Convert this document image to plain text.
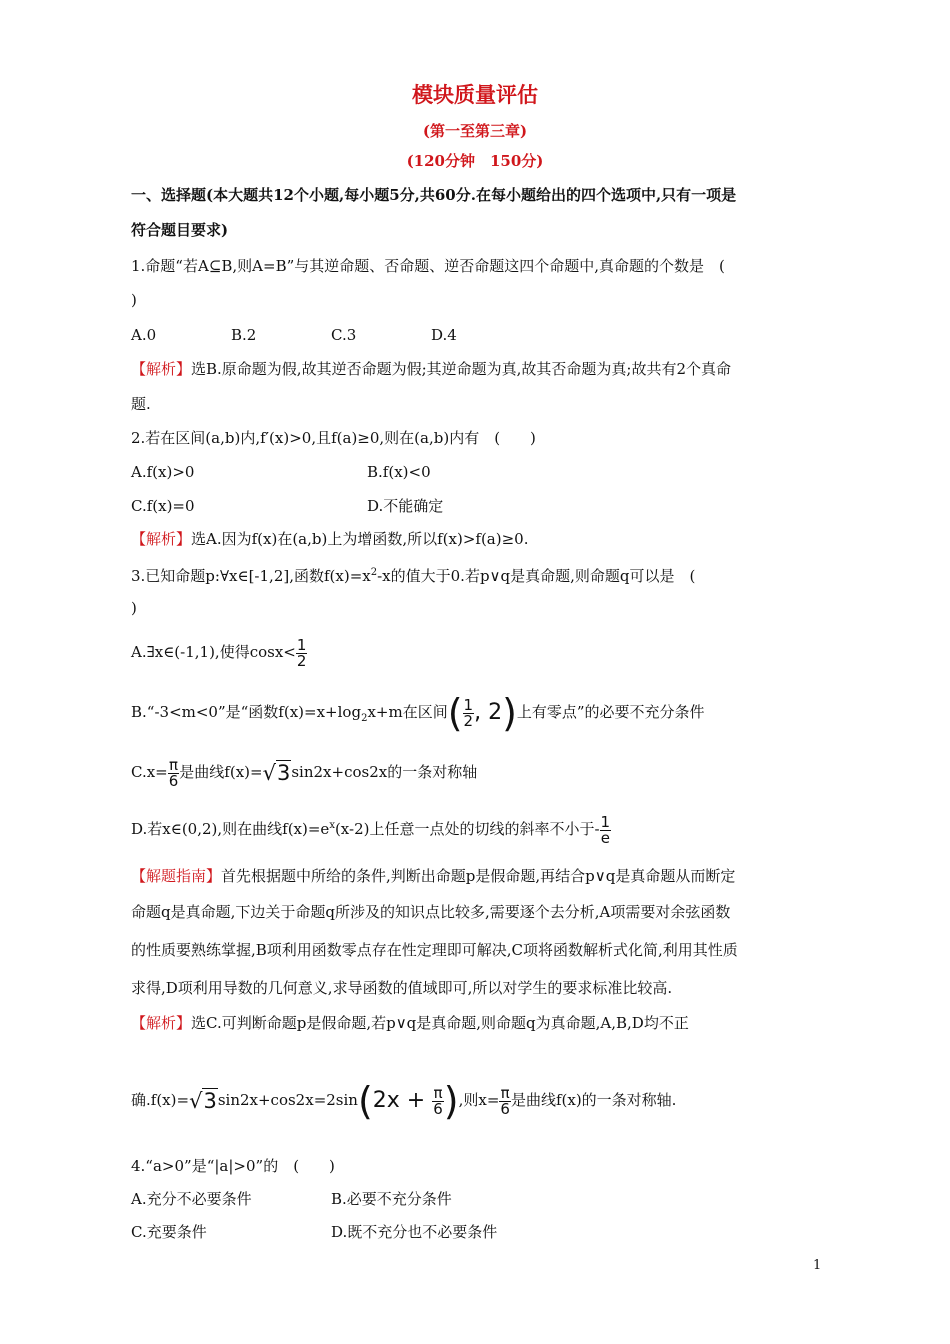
模块质量评估
(第一至第三章)
(120分钟　150分)
一、选择题(本大题共12个小题,每小题5分,共60分.在每小题给出的四个选项中,只有一项是
符合题目要求)
1.命题“若A⊆B,则A=B”与其逆命题、否命题、逆否命题这四个命题中,真命题的个数是　(
)
A.0	B.2	C.3	D.4
【解析】选B.原命题为假,故其逆否命题为假;其逆命题为真,故其否命题为真;故共有2个真命
题.
2.若在区间(a,b)内,f′(x)>0,且f(a)≥0,则在(a,b)内有　(　　)
A.f(x)>0	B.f(x)<0
C.f(x)=0	D.不能确定
【解析】选A.因为f(x)在(a,b)上为增函数,所以f(x)>f(a)≥0.
3.已知命题p:∀x∈[-1,2],函数$f(x)=x^2-x$的值大于0.若p∨q是真命题,则命题q可以是　(
)
A.∃x∈(-1,1),使得$\cos x< \frac{1}{2}$
B.“-3<m<0”是“函数$f(x)=x+\log_2x+m$在区间( $\frac{1}{2}$ , 2)上有零点”的必要不充分条件
$C.x= \frac{\pi}{6}$ 是曲线f(x)=√3sin2x+cos2x的一条对称轴
D.若x∈(0,2),则在曲线$f(x)=e^x(x-2)$上任意一点处的切线的斜率不小于- $\frac{1}{e}$
【解题指南】首先根据题中所给的条件,判断出命题p是假命题,再结合p∨q是真命题从而断定
命题q是真命题,下边关于命题q所涉及的知识点比较多,需要逐个去分析,A项需要对余弦函数
的性质要熟练掌握,B项利用函数零点存在性定理即可解决,C项将函数解析式化简,利用其性质
求得,D项利用导数的几何意义,求导函数的值域即可,所以对学生的要求标准比较高.
【解析】选C.可判断命题p是假命题,若p∨q是真命题,则命题q为真命题,A,B,D均不正
确$.f(x)=√3\sin 2x+\cos 2x=2\sin(2x + \frac{\pi}{6}$ ),则$x= \frac{\pi}{6}$ 是曲线f(x)的一条对称轴.
4.“a>0”是“|a|>0”的　(　　)
A.充分不必要条件	B.必要不充分条件
C.充要条件	D.既不充分也不必要条件
1
